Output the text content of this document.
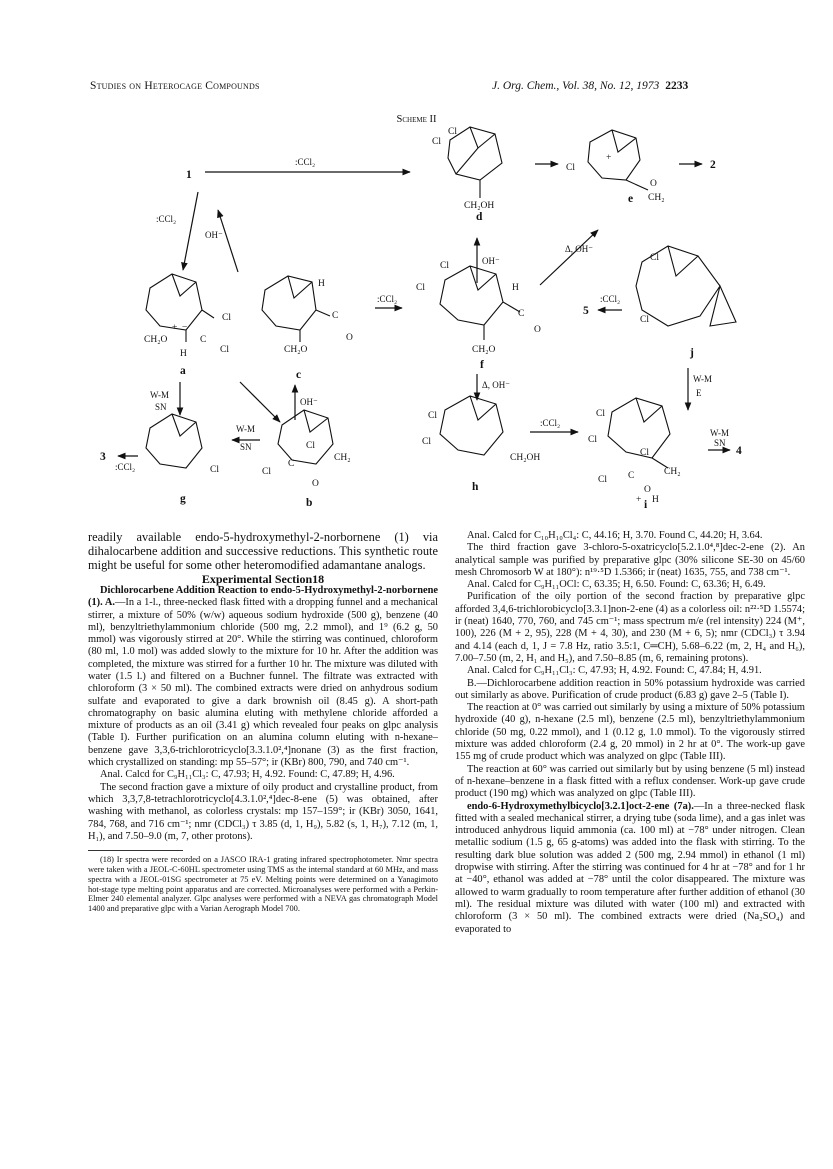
Studies on Heterocage Compounds	J. Org. Chem., Vol. 38, No. 12, 1973 2233
Scheme II
1
2
3	4
5
a
b
c
d
e
f
g
h
i
j
:CCl₂
:CCl₂
OH⁻
:CCl₂
OH⁻
Δ, OH⁻
:CCl₂
OH⁻
W-M
SN
W-M
SN
:CCl₂
Δ, OH⁻
:CCl₂
W-M
E
W-M
SN
Cl
Cl
CH₂OH
Cl
+
O
CH₂
Cl
Cl
Cl
Cl
H
C
O
CH₂O
H
C
O
CH₂O
Cl
Cl
+ −
CH₂O	C
H
Cl
Cl
C
CH₂
O
Cl
Cl
Cl
CH₂OH
Cl
Cl
Cl
C
Cl
CH₂
O
+ H

readily available endo-5-hydroxymethyl-2-norbornene (1) via dihalocarbene addition and successive reductions. This synthetic route might be useful for some other heteromodified adamantane analogs.

Experimental Section18

Dichlorocarbene Addition Reaction to endo-5-Hydroxymethyl-2-norbornene (1). A.—In a 1-l., three-necked flask fitted with a dropping funnel and a mechanical stirrer, a mixture of 50% (w/w) aqueous sodium hydroxide (500 g), benzene (40 ml), benzyltriethylammonium chloride (500 mg, 2.2 mmol), and 1⁹ (6.2 g, 50 mmol) was vigorously stirred at 20°. While the stirring was continued, chloroform (80 ml, 1.0 mol) was added slowly to the mixture for 10 hr. After the addition was completed, the mixture was stirred for a further 10 hr. The mixture was diluted with water (1.5 l.) and filtered on a Buchner funnel. The filtrate was extracted with chloroform (3 × 50 ml). The combined extracts were dried on anhydrous sodium sulfate and evaporated to give a dark brownish oil (8.45 g). A short-path chromatography on basic alumina eluting with methylene chloride afforded a mixture of products as an oil (3.41 g) which revealed four peaks on glpc analysis (Table I). Further purification on an alumina column eluting with n-hexane–benzene gave 3,3,6-trichlorotricyclo[3.3.1.0²,⁴]nonane (3) as the first fraction, which crystallized on standing: mp 55–57°; ir (KBr) 800, 790, and 740 cm⁻¹.

Anal. Calcd for C₉H₁₁Cl₃: C, 47.93; H, 4.92. Found: C, 47.89; H, 4.96.

The second fraction gave a mixture of oily product and crystalline product, from which 3,3,7,8-tetrachlorotricyclo[4.3.1.0²,⁴]dec-8-ene (5) was obtained, after washing with methanol, as colorless crystals: mp 157–159°; ir (KBr) 3050, 1641, 784, 768, and 716 cm⁻¹; nmr (CDCl₃) τ 3.85 (d, 1, H₉), 5.82 (s, 1, H₇), 7.12 (m, 1, H₁), and 7.50–9.0 (m, 7, other protons).

(18) Ir spectra were recorded on a JASCO IRA-1 grating infrared spectrophotometer. Nmr spectra were taken with a JEOL-C-60HL spectrometer using TMS as the internal standard at 60 MHz, and mass spectra with a JEOL-01SG spectrometer at 75 eV. Melting points were determined on a Yanagimoto hot-stage type melting point apparatus and are corrected. Microanalyses were performed with a Perkin-Elmer 240 elemental analyzer. Glpc analyses were performed with a NEVA gas chromatograph Model 1400 and preparative glpc with a Varian Aerograph Model 700.

Anal. Calcd for C₁₀H₁₀Cl₄: C, 44.16; H, 3.70. Found C, 44.20; H, 3.64.

The third fraction gave 3-chloro-5-oxatricyclo[5.2.1.0⁴,⁸]dec-2-ene (2). An analytical sample was purified by preparative glpc (30% silicone SE-30 on 45/60 mesh Chromosorb W at 180°): n¹⁹·⁵D 1.5366; ir (neat) 1635, 755, and 738 cm⁻¹.

Anal. Calcd for C₉H₁₁OCl: C, 63.35; H, 6.50. Found: C, 63.36; H, 6.49.

Purification of the oily portion of the second fraction by preparative glpc afforded 3,4,6-trichlorobicyclo[3.3.1]non-2-ene (4) as a colorless oil: n²²·⁵D 1.5574; ir (neat) 1640, 770, 760, and 745 cm⁻¹; mass spectrum m/e (rel intensity) 224 (M⁺, 100), 226 (M + 2, 95), 228 (M + 4, 30), and 230 (M + 6, 5); nmr (CDCl₃) τ 3.94 and 4.14 (each d, 1, J = 7.8 Hz, ratio 3.5:1, C═CH), 5.68–6.22 (m, 2, H₄ and H₆), 7.00–7.50 (m, 2, H₁ and H₅), and 7.50–8.85 (m, 6, remaining protons).

Anal. Calcd for C₉H₁₁Cl₃: C, 47.93; H, 4.92. Found: C, 47.84; H, 4.91.

B.—Dichlorocarbene addition reaction in 50% potassium hydroxide was carried out similarly as above. Purification of crude product (6.83 g) gave 2–5 (Table I).

The reaction at 0° was carried out similarly by using a mixture of 50% potassium hydroxide (40 g), n-hexane (2.5 ml), benzene (2.5 ml), benzyltriethylammonium chloride (50 mg, 0.22 mmol), and 1 (0.12 g, 1.0 mmol). To the vigorously stirred mixture was added chloroform (2.4 g, 20 mmol) in 2 hr at 0°. The work-up gave 155 mg of crude product which was analyzed on glpc (Table III).

The reaction at 60° was carried out similarly but by using benzene (5 ml) instead of n-hexane–benzene in a flask fitted with a reflux condenser. Work-up gave crude product (190 mg) which was analyzed on glpc (Table III).

endo-6-Hydroxymethylbicyclo[3.2.1]oct-2-ene (7a).—In a three-necked flask fitted with a sealed mechanical stirrer, a drying tube (soda lime), and a gas inlet was introduced anhydrous liquid ammonia (ca. 100 ml) at −78° under nitrogen. Clean metallic sodium (1.5 g, 65 g-atoms) was added into the flask with stirring. To the resulting dark blue solution was added 2 (500 mg, 2.94 mmol) in ethanol (1 ml) dropwise with stirring. After the stirring was continued for 4 hr at −78° and for 1 hr at −40°, ethanol was added at −78° until the color disappeared. The mixture was allowed to warm gradually to room temperature after further addition of ethanol (30 ml). The residual mixture was diluted with water (100 ml) and extracted with chloroform (3 × 50 ml). The combined extracts were dried (Na₂SO₄) and evaporated to
